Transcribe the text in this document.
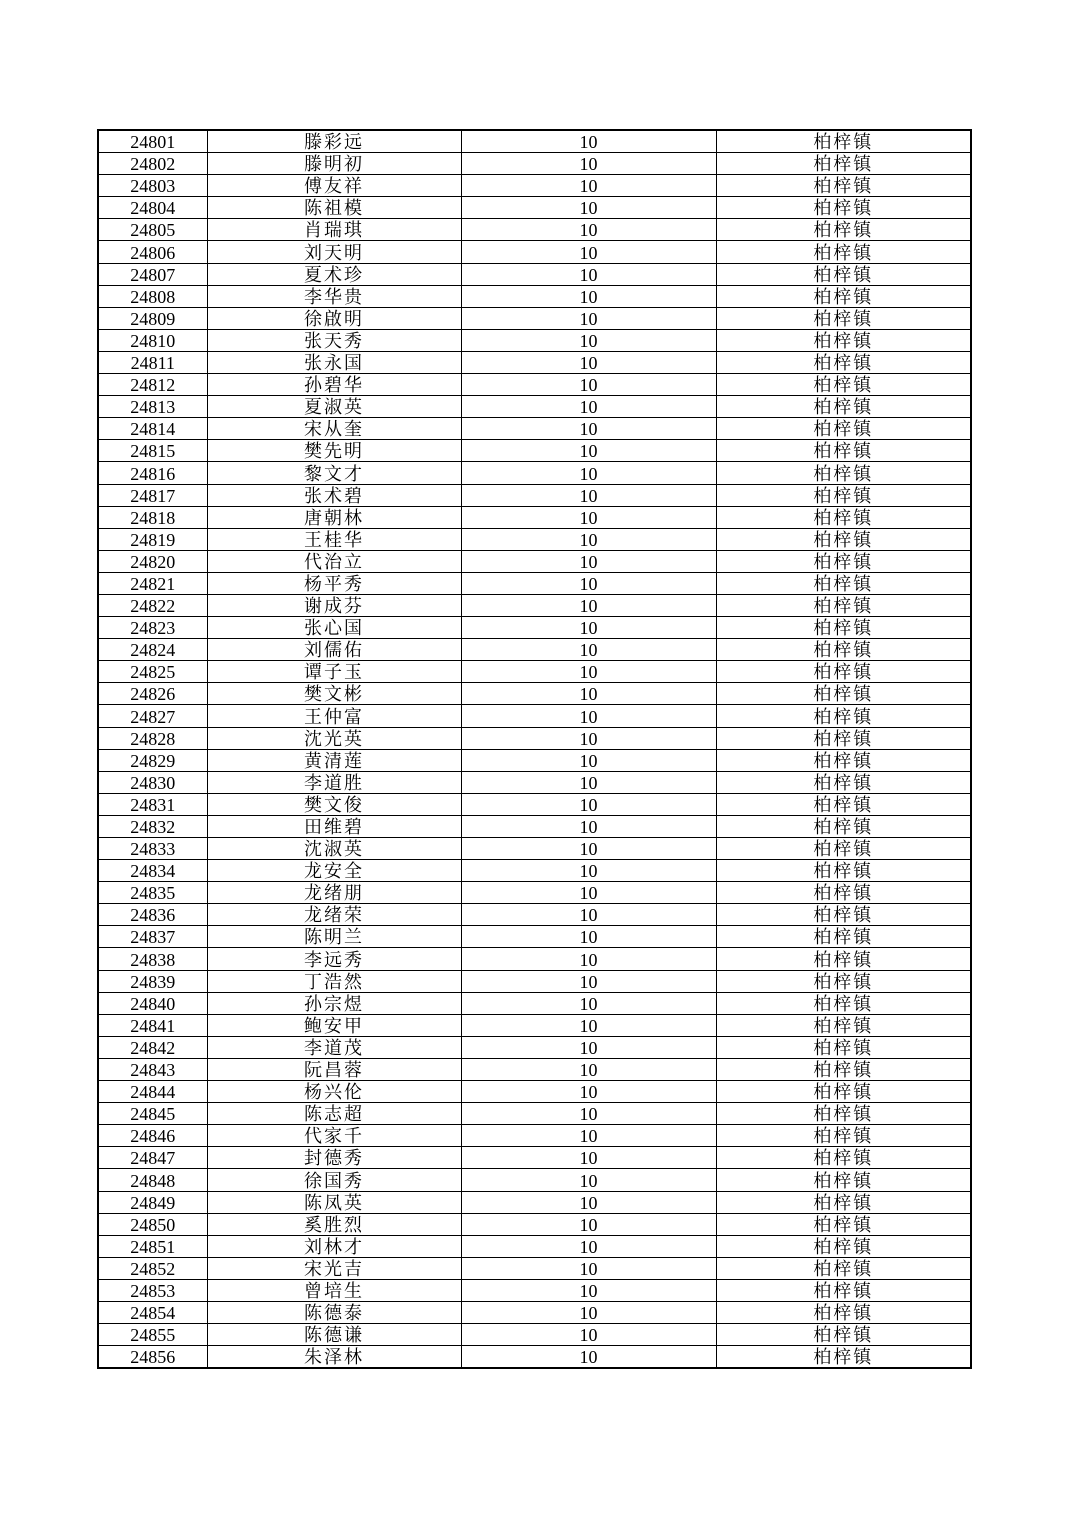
24801	滕彩远	10	柏梓镇
24802	滕明初	10	柏梓镇
24803	傅友祥	10	柏梓镇
24804	陈祖模	10	柏梓镇
24805	肖瑞琪	10	柏梓镇
24806	刘天明	10	柏梓镇
24807	夏术珍	10	柏梓镇
24808	李华贵	10	柏梓镇
24809	徐啟明	10	柏梓镇
24810	张天秀	10	柏梓镇
24811	张永国	10	柏梓镇
24812	孙碧华	10	柏梓镇
24813	夏淑英	10	柏梓镇
24814	宋从奎	10	柏梓镇
24815	樊先明	10	柏梓镇
24816	黎文才	10	柏梓镇
24817	张术碧	10	柏梓镇
24818	唐朝林	10	柏梓镇
24819	王桂华	10	柏梓镇
24820	代治立	10	柏梓镇
24821	杨平秀	10	柏梓镇
24822	谢成芬	10	柏梓镇
24823	张心国	10	柏梓镇
24824	刘儒佑	10	柏梓镇
24825	谭子玉	10	柏梓镇
24826	樊文彬	10	柏梓镇
24827	王仲富	10	柏梓镇
24828	沈光英	10	柏梓镇
24829	黄清莲	10	柏梓镇
24830	李道胜	10	柏梓镇
24831	樊文俊	10	柏梓镇
24832	田维碧	10	柏梓镇
24833	沈淑英	10	柏梓镇
24834	龙安全	10	柏梓镇
24835	龙绪朋	10	柏梓镇
24836	龙绪荣	10	柏梓镇
24837	陈明兰	10	柏梓镇
24838	李远秀	10	柏梓镇
24839	丁浩然	10	柏梓镇
24840	孙宗煜	10	柏梓镇
24841	鲍安甲	10	柏梓镇
24842	李道茂	10	柏梓镇
24843	阮昌蓉	10	柏梓镇
24844	杨兴伦	10	柏梓镇
24845	陈志超	10	柏梓镇
24846	代家千	10	柏梓镇
24847	封德秀	10	柏梓镇
24848	徐国秀	10	柏梓镇
24849	陈凤英	10	柏梓镇
24850	奚胜烈	10	柏梓镇
24851	刘林才	10	柏梓镇
24852	宋光吉	10	柏梓镇
24853	曾培生	10	柏梓镇
24854	陈德泰	10	柏梓镇
24855	陈德谦	10	柏梓镇
24856	朱泽林	10	柏梓镇
